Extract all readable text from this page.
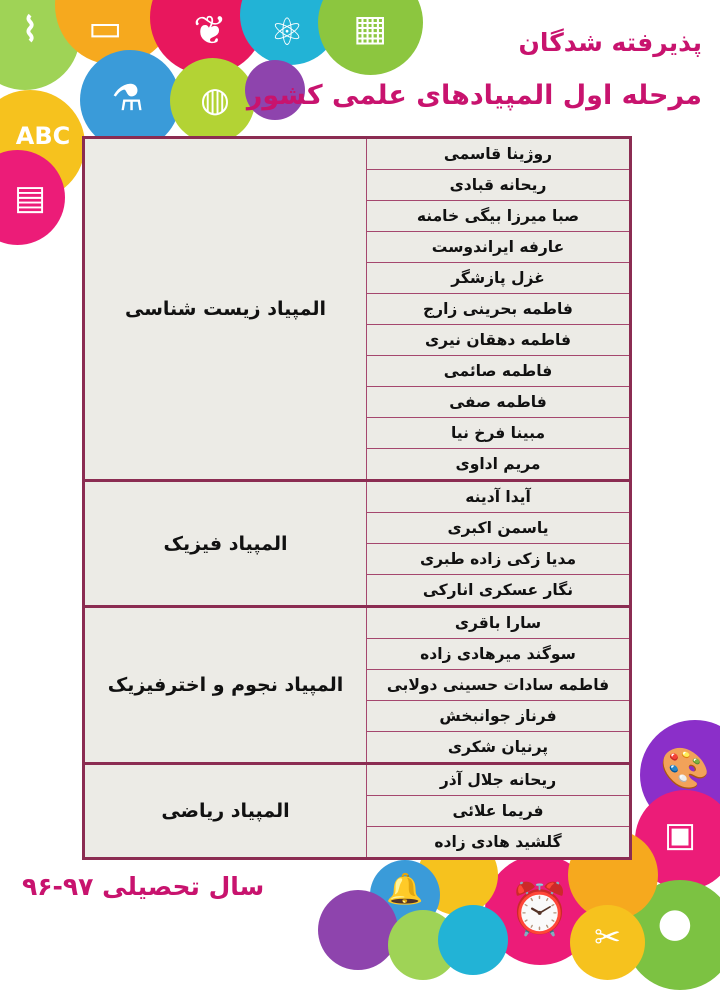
⌇	▭	❦ ⚛ ▦
⚗ ◍
ABC
▤
🎨
▣
●
⏰
🔔
✂
پذیرفته شدگان
مرحله اول المپیادهای علمی کشور
روژینا قاسمی	المپیاد زیست شناسی
ریحانه قبادی	
صبا میرزا بیگی خامنه	
عارفه ایراندوست	
غزل پازشگر	
فاطمه بحرینی زارج	
فاطمه دهقان نیری	
فاطمه صائمی	
فاطمه صفی	
مبینا فرخ نیا	
مریم اداوی	
آیدا آدینه	المپیاد فیزیک
یاسمن اکبری	
مدیا زکی زاده طبری	
نگار عسکری انارکی	
سارا باقری	المپیاد نجوم و اخترفیزیک
سوگند میرهادی زاده	
فاطمه سادات حسینی دولابی	
فرناز جوانبخش	
پرنیان شکری	
ریحانه جلال آذر	المپیاد ریاضی
فریما علائی	
گلشید هادی زاده	
سال تحصیلی ۹۷-۹۶
